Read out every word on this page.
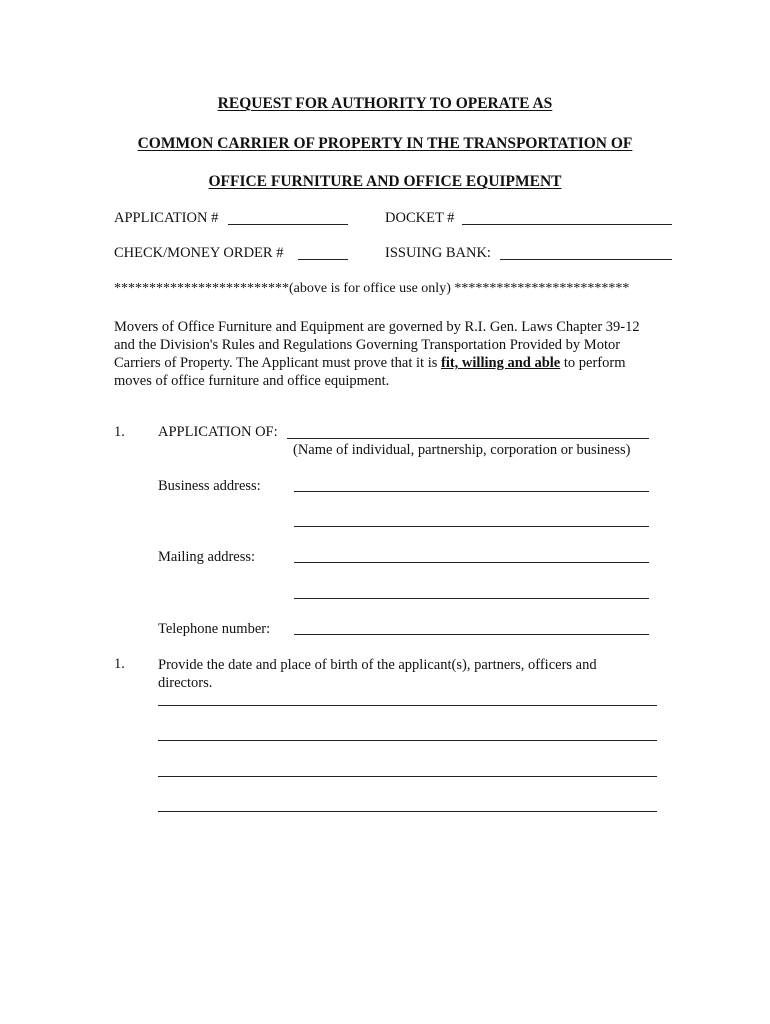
REQUEST FOR AUTHORITY TO OPERATE AS
COMMON CARRIER OF PROPERTY IN THE TRANSPORTATION OF
OFFICE FURNITURE AND OFFICE EQUIPMENT
APPLICATION #	DOCKET #
CHECK/MONEY ORDER #	ISSUING BANK:
*************************(above is for office use only) *************************
Movers of Office Furniture and Equipment are governed by R.I. Gen. Laws Chapter 39-12 and the Division's Rules and Regulations Governing Transportation Provided by Motor Carriers of Property. The Applicant must prove that it is fit, willing and able to perform moves of office furniture and office equipment.
1. APPLICATION OF:
(Name of individual, partnership, corporation or business)
Business address:
Mailing address:
Telephone number:
1. Provide the date and place of birth of the applicant(s), partners, officers and directors.
